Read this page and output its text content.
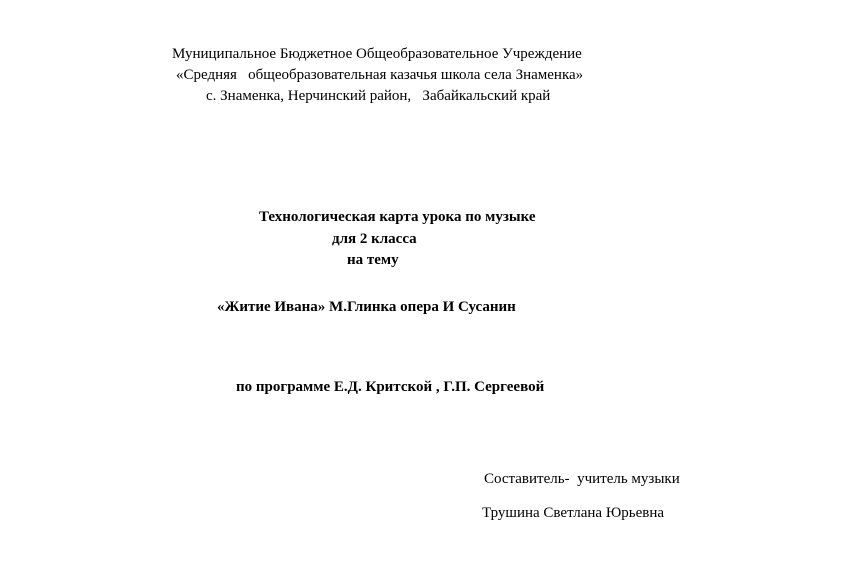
Муниципальное Бюджетное Общеобразовательное Учреждение
«Средняя   общеобразовательная казачья школа села Знаменка»
с. Знаменка, Нерчинский район,   Забайкальский край
Технологическая карта урока по музыке
для 2 класса
на тему
«Житие Ивана» М.Глинка опера И Сусанин
по программе Е.Д. Критской , Г.П. Сергеевой
Составитель-  учитель музыки
Трушина Светлана Юрьевна
